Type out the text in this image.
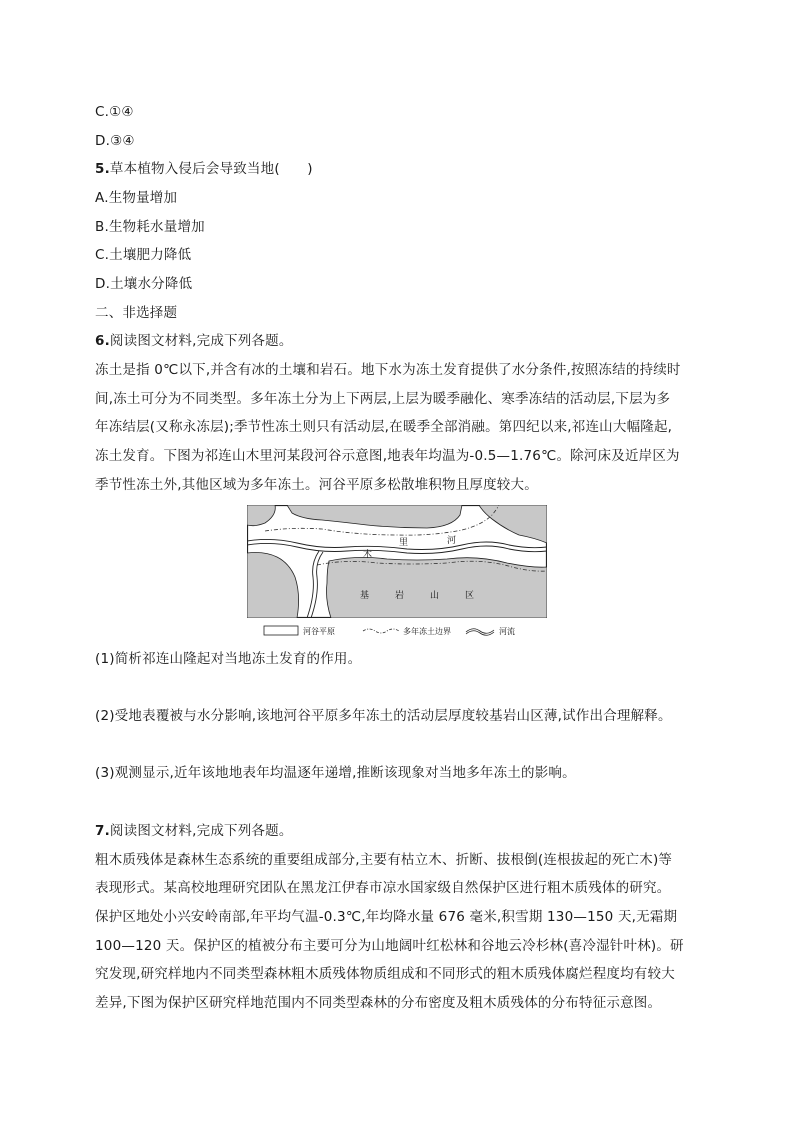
C.①④
D.③④
5.草本植物入侵后会导致当地(　　)
A.生物量增加
B.生物耗水量增加
C.土壤肥力降低
D.土壤水分降低
二、非选择题
6.阅读图文材料,完成下列各题。
冻土是指 0℃以下,并含有冰的土壤和岩石。地下水为冻土发育提供了水分条件,按照冻结的持续时
间,冻土可分为不同类型。多年冻土分为上下两层,上层为暖季融化、寒季冻结的活动层,下层为多
年冻结层(又称永冻层);季节性冻土则只有活动层,在暖季全部消融。第四纪以来,祁连山大幅隆起,
冻土发育。下图为祁连山木里河某段河谷示意图,地表年均温为-0.5—1.76℃。除河床及近岸区为
季节性冻土外,其他区域为多年冻土。河谷平原多松散堆积物且厚度较大。
木
里	河
基	岩	山	区
河谷平原	多年冻土边界	河流
(1)简析祁连山隆起对当地冻土发育的作用。
(2)受地表覆被与水分影响,该地河谷平原多年冻土的活动层厚度较基岩山区薄,试作出合理解释。
(3)观测显示,近年该地地表年均温逐年递增,推断该现象对当地多年冻土的影响。
7.阅读图文材料,完成下列各题。
粗木质残体是森林生态系统的重要组成部分,主要有枯立木、折断、拔根倒(连根拔起的死亡木)等
表现形式。某高校地理研究团队在黑龙江伊春市凉水国家级自然保护区进行粗木质残体的研究。
保护区地处小兴安岭南部,年平均气温-0.3℃,年均降水量 676 毫米,积雪期 130—150 天,无霜期
100—120 天。保护区的植被分布主要可分为山地阔叶红松林和谷地云冷杉林(喜冷湿针叶林)。研
究发现,研究样地内不同类型森林粗木质残体物质组成和不同形式的粗木质残体腐烂程度均有较大
差异,下图为保护区研究样地范围内不同类型森林的分布密度及粗木质残体的分布特征示意图。
